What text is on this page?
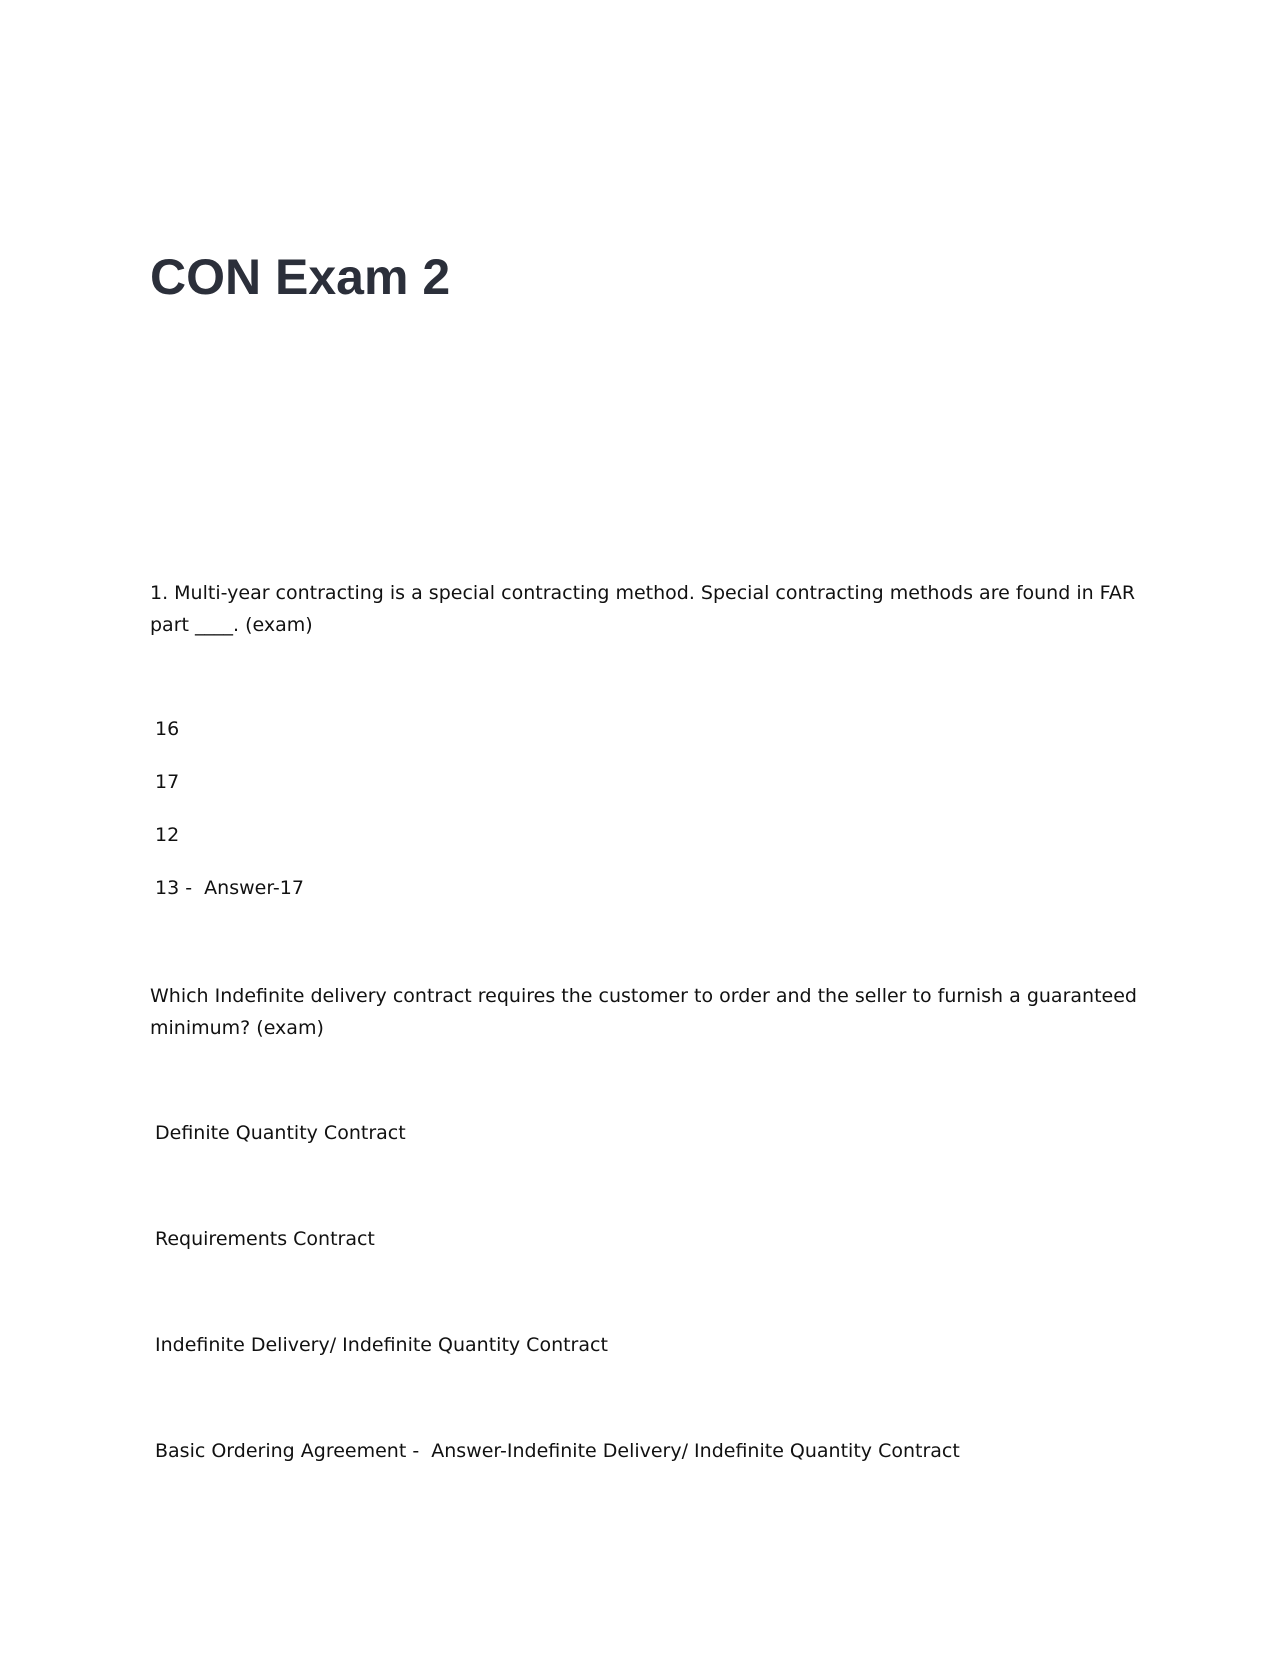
CON Exam 2

1. Multi-year contracting is a special contracting method. Special contracting methods are found in FAR part ____. (exam)

16

17

12

13 -  Answer-17

Which Indefinite delivery contract requires the customer to order and the seller to furnish a guaranteed minimum? (exam)

Definite Quantity Contract

Requirements Contract

Indefinite Delivery/ Indefinite Quantity Contract

Basic Ordering Agreement -  Answer-Indefinite Delivery/ Indefinite Quantity Contract
